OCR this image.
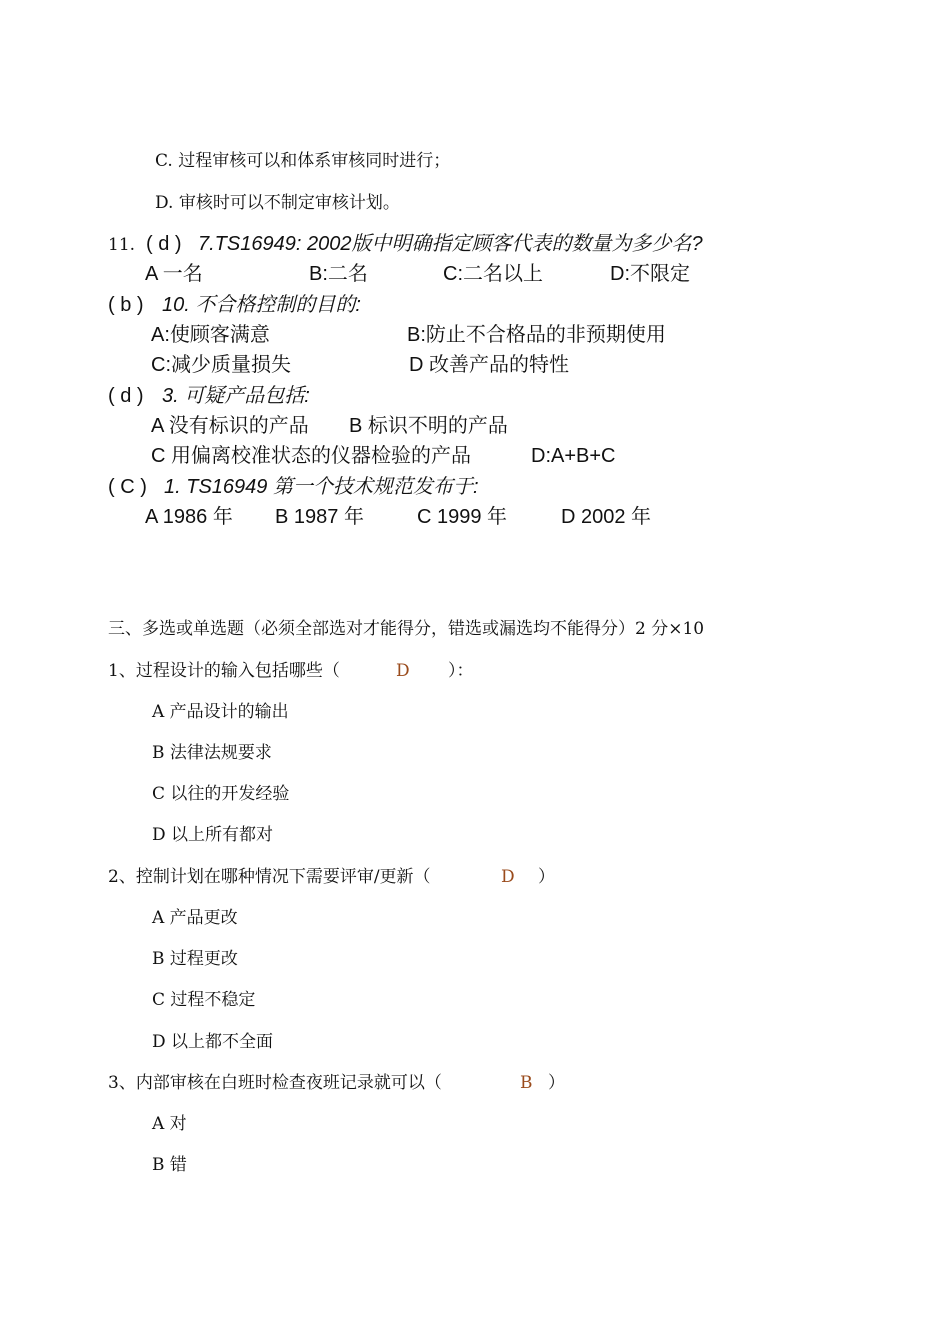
C. 过程审核可以和体系审核同时进行；
D. 审核时可以不制定审核计划。
11. ( d ) 7.TS16949: 2002版中明确指定顾客代表的数量为多少名?
A 一名	B:二名	C:二名以上	D:不限定
( b ) 10. 不合格控制的目的:
A:使顾客满意	B:防止不合格品的非预期使用
C:减少质量损失	D 改善产品的特性
( d ) 3. 可疑产品包括:
A 没有标识的产品 B 标识不明的产品
C 用偏离校准状态的仪器检验的产品	D:A+B+C
( C ) 1. TS16949 第一个技术规范发布于:
A 1986 年 B 1987 年	C 1999 年	D 2002 年
三、多选或单选题（必须全部选对才能得分，错选或漏选均不能得分）2 分×10
1、过程设计的输入包括哪些（	D ）：
A 产品设计的输出
B 法律法规要求
C 以往的开发经验
D 以上所有都对
2、控制计划在哪种情况下需要评审/更新（	D ）
A 产品更改
B 过程更改
C 过程不稳定
D 以上都不全面
3、内部审核在白班时检查夜班记录就可以（	B ）
A 对
B 错
